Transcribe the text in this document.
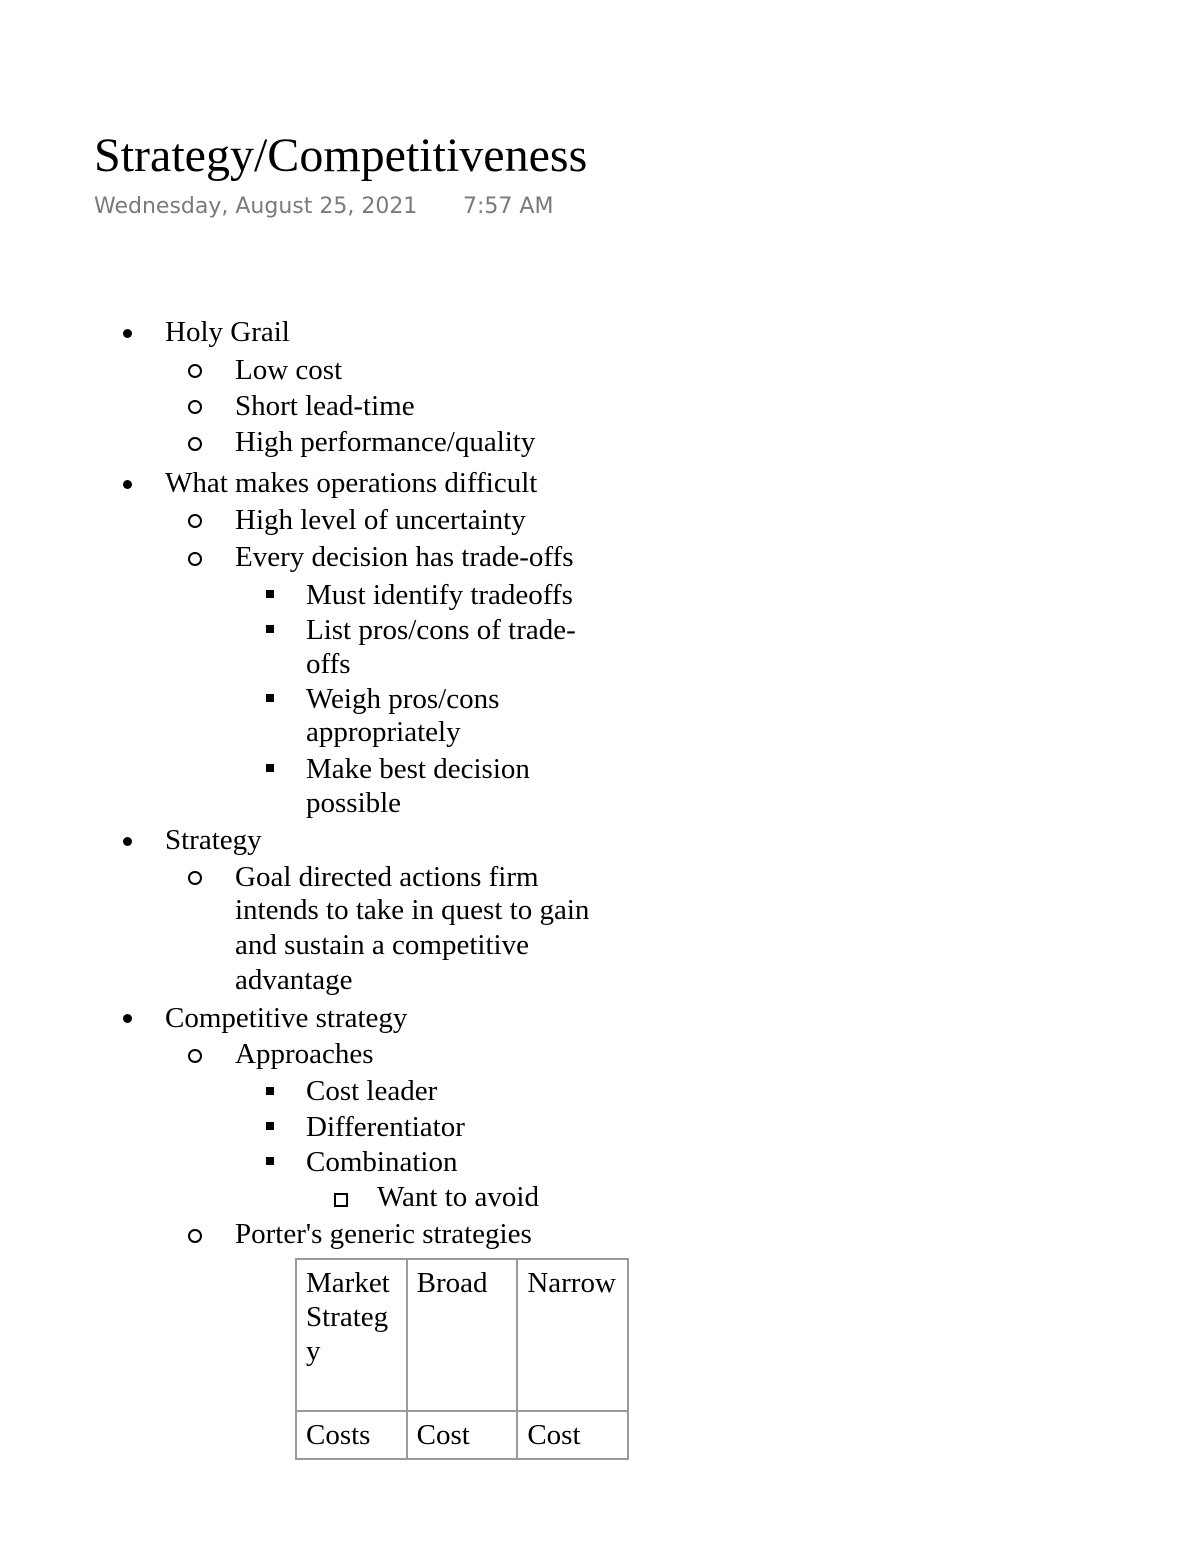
Strategy/Competitiveness
Wednesday, August 25, 2021 7:57 AM
Holy Grail
Low cost
Short lead-time
High performance/quality
What makes operations difficult
High level of uncertainty
Every decision has trade-offs
Must identify tradeoffs
List pros/cons of trade-
offs
Weigh pros/cons
appropriately
Make best decision
possible
Strategy
Goal directed actions firm
intends to take in quest to gain
and sustain a competitive
advantage
Competitive strategy
Approaches
Cost leader
Differentiator
Combination
Want to avoid
Porter's generic strategies
Market Strategy	Broad	Narrow
Costs	Cost	Cost
